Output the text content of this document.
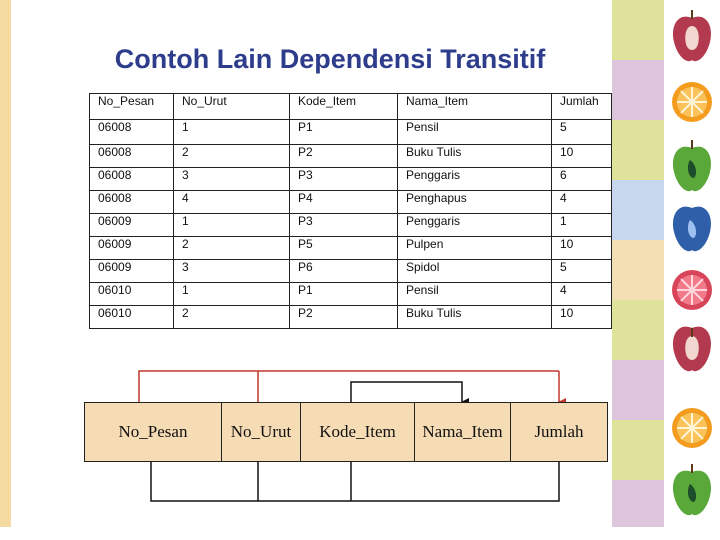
Contoh Lain Dependensi Transitif
No_Pesan	No_Urut	Kode_Item	Nama_Item	Jumlah
06008	1	P1	Pensil	5
06008	2	P2	Buku Tulis	10
06008	3	P3	Penggaris	6
06008	4	P4	Penghapus	4
06009	1	P3	Penggaris	1
06009	2	P5	Pulpen	10
06009	3	P6	Spidol	5
06010	1	P1	Pensil	4
06010	2	P2	Buku Tulis	10
No_Pesan	No_Urut	Kode_Item	Nama_Item	Jumlah
